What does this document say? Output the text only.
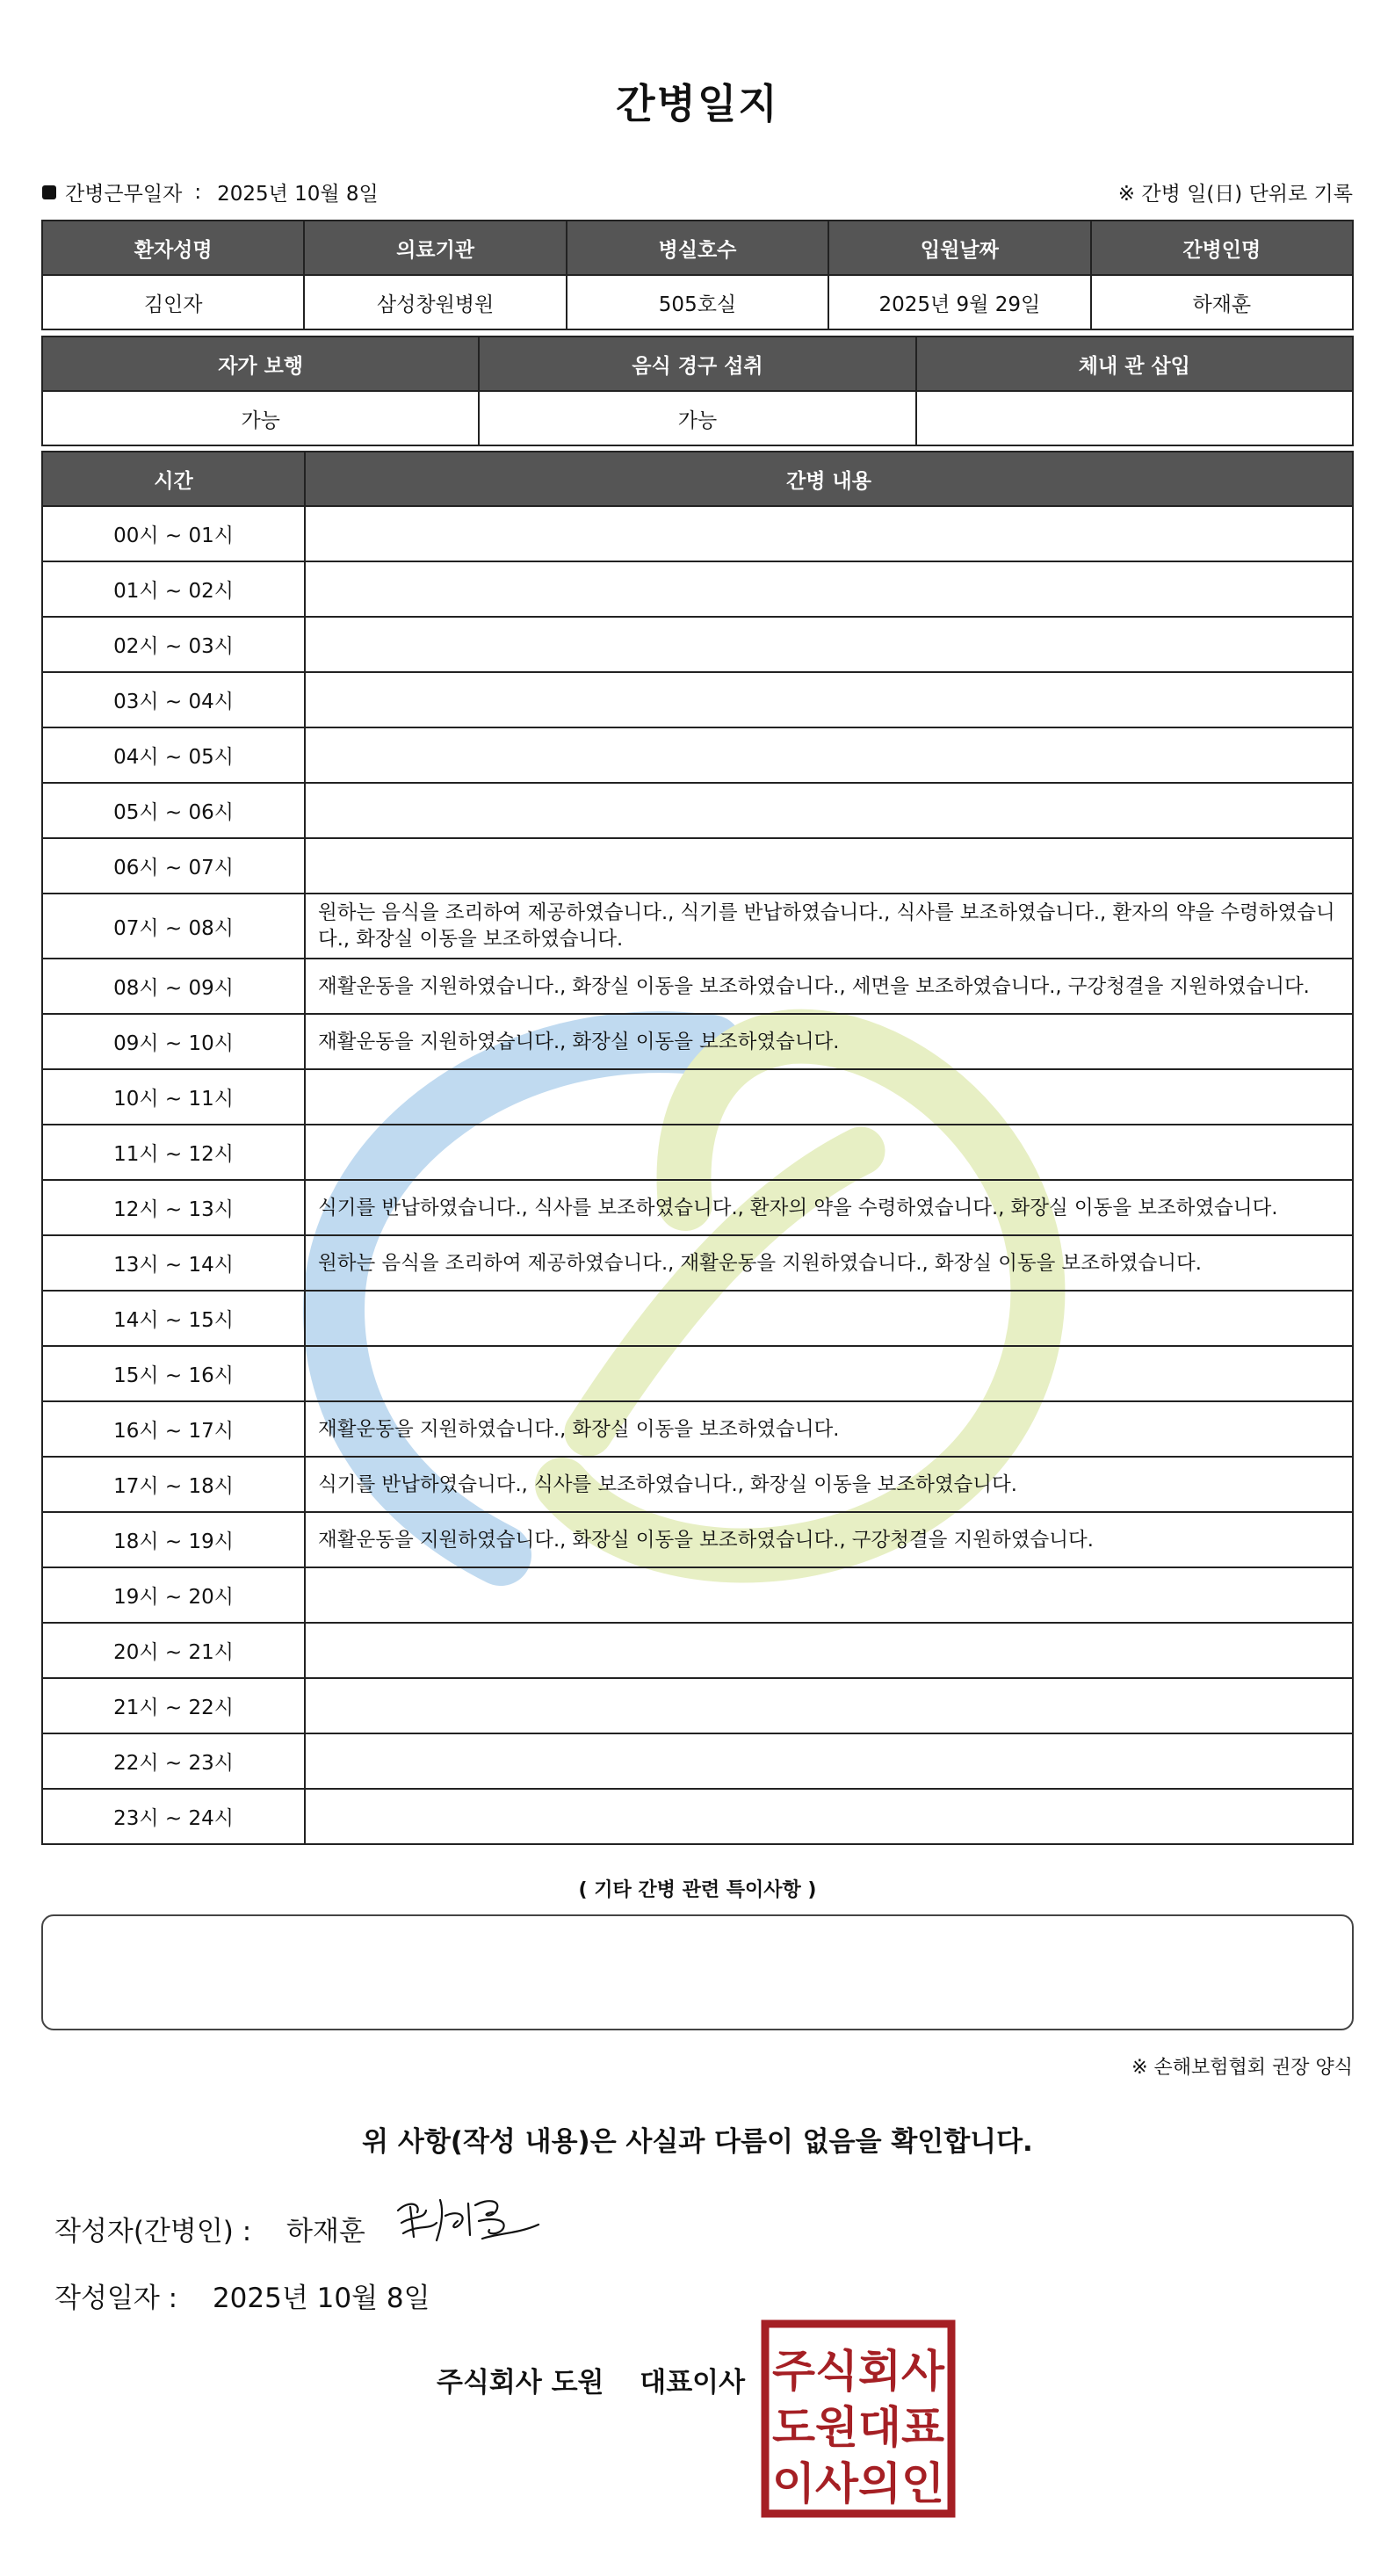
간병일지
간병근무일자 : 2025년 10월 8일	※ 간병 일(日) 단위로 기록
환자성명	의료기관	병실호수	입원날짜	간병인명
김인자	삼성창원병원	505호실	2025년 9월 29일	하재훈
자가 보행	음식 경구 섭취	체내 관 삽입
가능	가능	
시간	간병 내용
00시 ~ 01시	
01시 ~ 02시	
02시 ~ 03시	
03시 ~ 04시	
04시 ~ 05시	
05시 ~ 06시	
06시 ~ 07시	
07시 ~ 08시	원하는 음식을 조리하여 제공하였습니다., 식기를 반납하였습니다., 식사를 보조하였습니다., 환자의 약을 수령하였습니다., 화장실 이동을 보조하였습니다.
08시 ~ 09시	재활운동을 지원하였습니다., 화장실 이동을 보조하였습니다., 세면을 보조하였습니다., 구강청결을 지원하였습니다.
09시 ~ 10시	재활운동을 지원하였습니다., 화장실 이동을 보조하였습니다.
10시 ~ 11시	
11시 ~ 12시	
12시 ~ 13시	식기를 반납하였습니다., 식사를 보조하였습니다., 환자의 약을 수령하였습니다., 화장실 이동을 보조하였습니다.
13시 ~ 14시	원하는 음식을 조리하여 제공하였습니다., 재활운동을 지원하였습니다., 화장실 이동을 보조하였습니다.
14시 ~ 15시	
15시 ~ 16시	
16시 ~ 17시	재활운동을 지원하였습니다., 화장실 이동을 보조하였습니다.
17시 ~ 18시	식기를 반납하였습니다., 식사를 보조하였습니다., 화장실 이동을 보조하였습니다.
18시 ~ 19시	재활운동을 지원하였습니다., 화장실 이동을 보조하였습니다., 구강청결을 지원하였습니다.
19시 ~ 20시	
20시 ~ 21시	
21시 ~ 22시	
22시 ~ 23시	
23시 ~ 24시	
( 기타 간병 관련 특이사항 )
※ 손해보험협회 권장 양식
위 사항(작성 내용)은 사실과 다름이 없음을 확인합니다.
작성자(간병인) : 하재훈
작성일자 : 2025년 10월 8일
주식회사 도원 대표이사 주식회사
도원대표
이사의인
